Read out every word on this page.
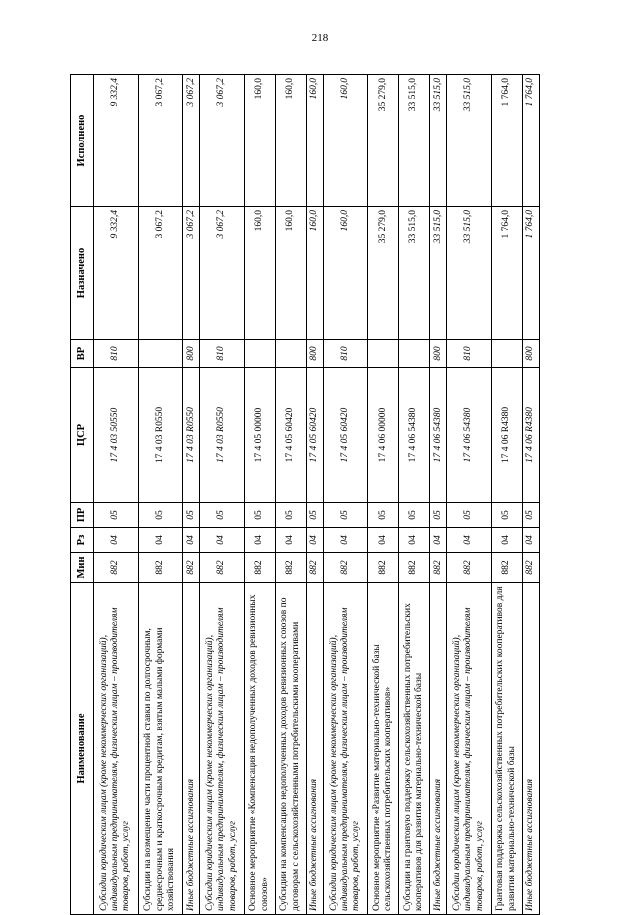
218
Наименование	Мин	Рз	ПР	ЦСР	ВР	Назначено	Исполнено
Субсидии юридическим лицам (кроме некоммерческих организаций), индивидуальным предпринимателям, физическим лицам – производителям товаров, работ, услуг	882	04	05	17 4 03 50550	810	9 332,4	9 332,4
Субсидии на возмещение части процентной ставки по долгосрочным, среднесрочным и краткосрочным кредитам, взятым малыми формами хозяйствования	882	04	05	17 4 03 R0550		3 067,2	3 067,2
Иные бюджетные ассигнования	882	04	05	17 4 03 R0550	800	3 067,2	3 067,2
Субсидии юридическим лицам (кроме некоммерческих организаций), индивидуальным предпринимателям, физическим лицам – производителям товаров, работ, услуг	882	04	05	17 4 03 R0550	810	3 067,2	3 067,2
Основное мероприятие «Компенсация недополученных доходов ревизионных союзов»	882	04	05	17 4 05 00000		160,0	160,0
Субсидии на компенсацию недополученных доходов ревизионных союзов по договорам с сельскохозяйственными потребительскими кооперативами	882	04	05	17 4 05 60420		160,0	160,0
Иные бюджетные ассигнования	882	04	05	17 4 05 60420	800	160,0	160,0
Субсидии юридическим лицам (кроме некоммерческих организаций), индивидуальным предпринимателям, физическим лицам – производителям товаров, работ, услуг	882	04	05	17 4 05 60420	810	160,0	160,0
Основное мероприятие «Развитие материально-технической базы сельскохозяйственных потребительских кооперативов»	882	04	05	17 4 06 00000		35 279,0	35 279,0
Субсидии на грантовую поддержку сельскохозяйственных потребительских кооперативов для развития материально-технической базы	882	04	05	17 4 06 54380		33 515,0	33 515,0
Иные бюджетные ассигнования	882	04	05	17 4 06 54380	800	33 515,0	33 515,0
Субсидии юридическим лицам (кроме некоммерческих организаций), индивидуальным предпринимателям, физическим лицам – производителям товаров, работ, услуг	882	04	05	17 4 06 54380	810	33 515,0	33 515,0
Грантовая поддержка сельскохозяйственных потребительских кооперативов для развития материально-технической базы	882	04	05	17 4 06 R4380		1 764,0	1 764,0
Иные бюджетные ассигнования	882	04	05	17 4 06 R4380	800	1 764,0	1 764,0
